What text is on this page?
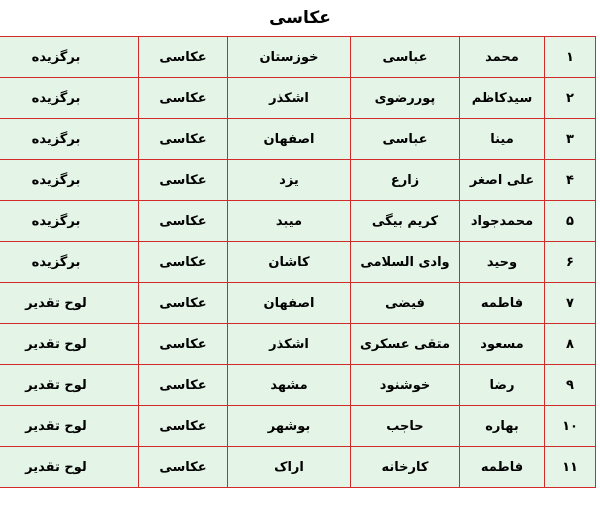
عکاسی
۱	محمد	عباسی	خوزستان	عکاسی	برگزیده
۲	سیدکاظم	پوررضوی	اشکذر	عکاسی	برگزیده
۳	مینا	عباسی	اصفهان	عکاسی	برگزیده
۴	علی اصغر	زارع	یزد	عکاسی	برگزیده
۵	محمدجواد	کریم بیگی	میبد	عکاسی	برگزیده
۶	وحید	وادی السلامی	کاشان	عکاسی	برگزیده
۷	فاطمه	فیضی	اصفهان	عکاسی	لوح تقدیر
۸	مسعود	متقی عسکری	اشکذر	عکاسی	لوح تقدیر
۹	رضا	خوشنود	مشهد	عکاسی	لوح تقدیر
۱۰	بهاره	حاجب	بوشهر	عکاسی	لوح تقدیر
۱۱	فاطمه	کارخانه	اراک	عکاسی	لوح تقدیر
